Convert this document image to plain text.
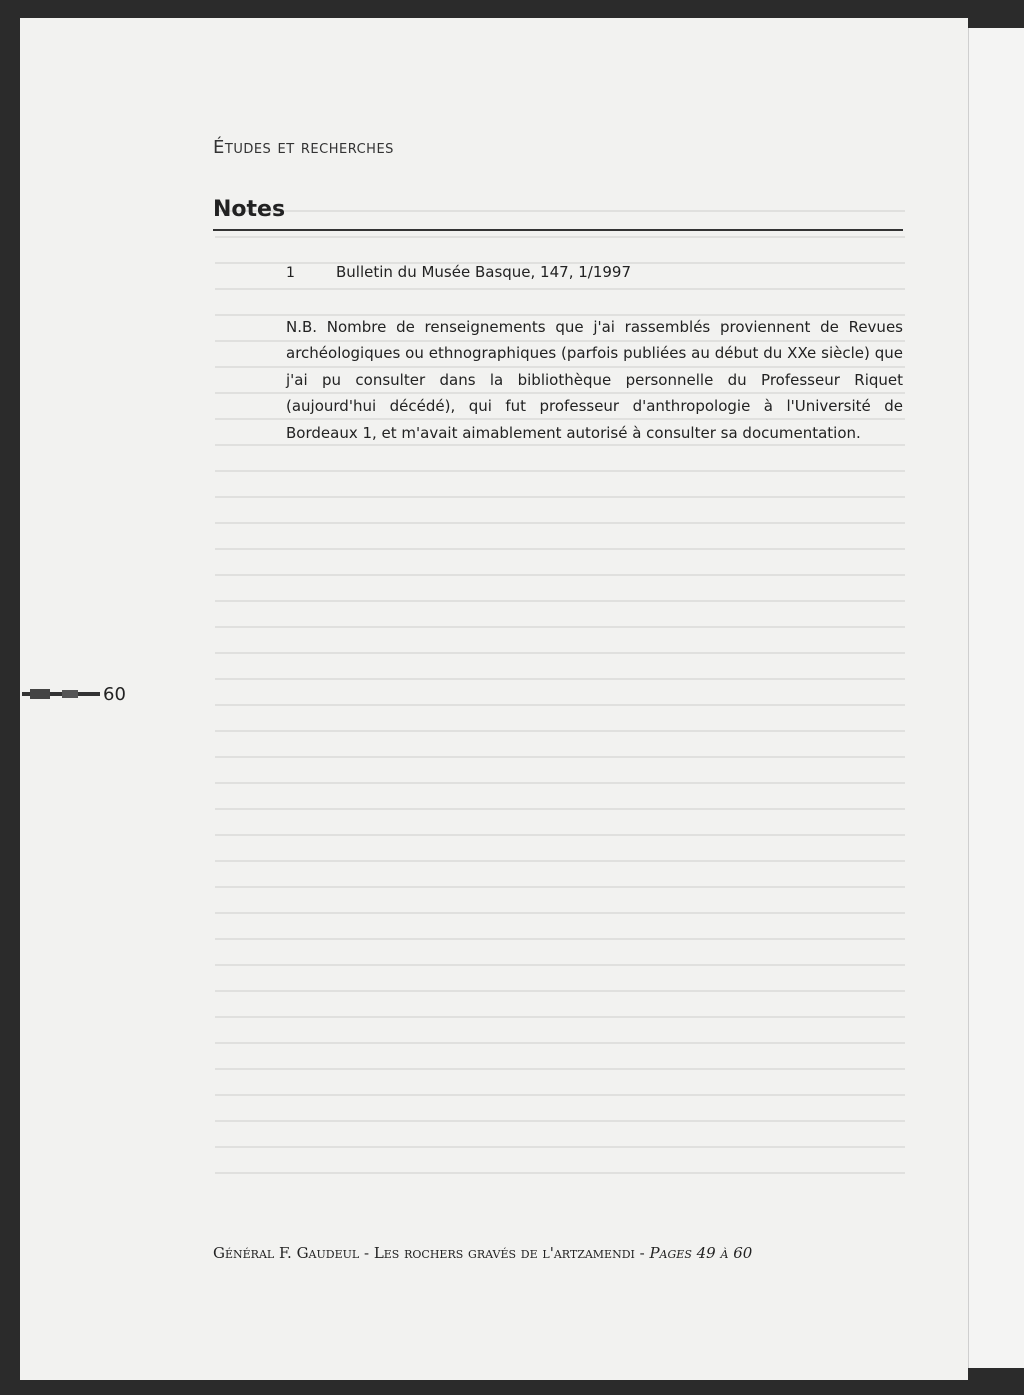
Études et recherches
Notes
1	Bulletin du Musée Basque, 147, 1/1997
N.B. Nombre de renseignements que j'ai rassemblés proviennent de Revues archéologiques ou ethnographiques (parfois publiées au début du XXe siècle) que j'ai pu consulter dans la bibliothèque personnelle du Professeur Riquet (aujourd'hui décédé), qui fut professeur d'anthropologie à l'Université de Bordeaux 1, et m'avait aimablement autorisé à consulter sa documentation.
60
Général F. Gaudeul - Les rochers gravés de l'artzamendi - Pages 49 à 60
